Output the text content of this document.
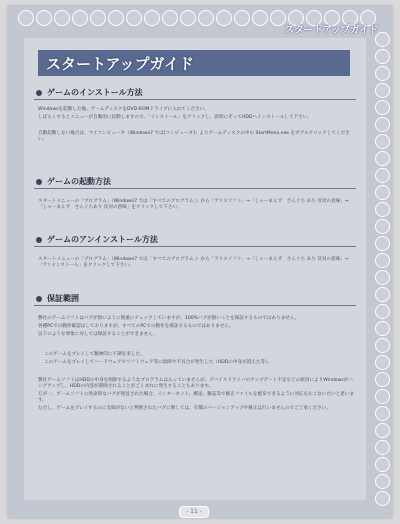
スタートアップガイド
スタートアップガイド
ゲームのインストール方法

Windowsを起動した後、ゲームディスクをDVD-ROMドライブに入れてください。

しばらくするとメニューが自動的に起動しますので、「インストール」をクリックし、説明にそってHDDへインストールして下さい。

自動起動しない場合は、マイコンピュータ（Windows7 では[コンピュータ]）よりゲームディスクの中の StartMenu.exe をダブルクリックしてください。

ゲームの起動方法

スタートメニューの「プログラム」（Windows7 では「すべてのプログラム」）から「アリスソフト」→「しゃーまんず　さんぐち あり 反対の意味」→「しゃーまんず　さんぐちあり 反対の意味」をクリックして下さい。

ゲームのアンインストール方法

スタートメニューの「プログラム」（Windows7 では「すべてのプログラム」）から「アリスソフト」→「しゃーまんず　さんぐち あり 反対の意味」→「アンインストール」をクリックして下さい。

保証範囲

弊社のゲームソフトはバグが無いように慎重にチェックしていますが、100%バグが無いことを保証するものではありません。

各種PCでの動作確認はしておりますが、すべてのPCでの動作を保証するものではありません。

以下のような事象に対しては保証することができません。

このゲームをプレイして精神的に不調を来した。

このゲームをプレイしてハードウェアやソフトウェア等に故障や不具合が発生した（HDDの中身が消えた等）。

弊社ゲームソフトはHDDの中身を削除するようなプログラムは入っていませんが、デバイスドライバのアップデート不足などの原因によりWindowsがハングアップし、HDDの内容が削除されることがごくまれに発生することもあります。

万が一、ゲームソフトに致命的なバグが発見された場合、インターネット、郵送、雑誌等で修正ファイルを配布できるように対応をおこないたいと思います。

ただし、ゲームをプレイするのに支障がないと判断されたバグに関しては、有償のバージョンアップや修正は行いませんのでご了承ください。

- 11 -
